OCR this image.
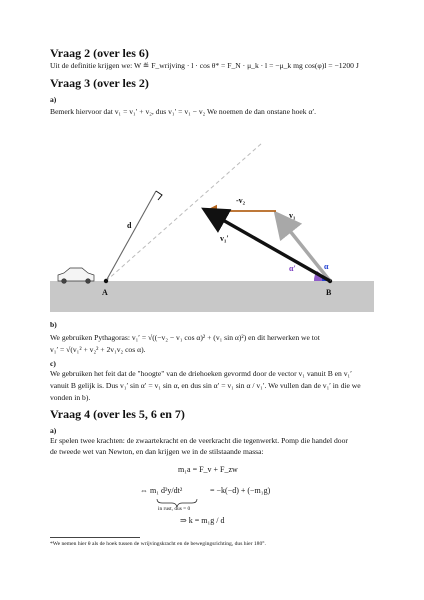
Vraag 2 (over les 6)
Uit de definitie krijgen we: W ≝ F_wrijving · l · cos θ* = F_N · μ_k · l = −μ_k mg cos(φ)l = −1200 J
Vraag 3 (over les 2)
a)
Bemerk hiervoor dat v₁ = v₁′ + v₂, dus v₁′ = v₁ − v₂ We noemen de dan onstane hoek α′.
d
A	B
-v₂
v₁
v₁′
α
α′
b)
We gebruiken Pythagoras: v₁′ = √((−v₂ − v₁ cos α)² + (v₁ sin α)²) en dit herwerken we tot
v₁′ = √(v₁² + v₂² + 2v₁v₂ cos α).
c)
We gebruiken het feit dat de "hoogte" van de driehoeken gevormd door de vector v₁ vanuit B en v₁′
vanuit B gelijk is. Dus v₁′ sin α′ = v₁ sin α, en dus sin α′ = v₁ sin α / v₁′. We vullen dan de v₁′ in die we
vonden in b).
Vraag 4 (over les 5, 6 en 7)
a)
Er spelen twee krachten: de zwaartekracht en de veerkracht die tegenwerkt. Pomp die handel door
de tweede wet van Newton, en dan krijgen we in de stilstaande massa:
m₁a = F_v + F_zw
⇔ m₁ d²y/dt²	= −k(−d) + (−m₁g)
in rust, dus = 0
⇒ k = m₁g / d
*We nemen hier θ als de hoek tussen de wrijvingskracht en de bewegingsrichting, dus hier 180°.
